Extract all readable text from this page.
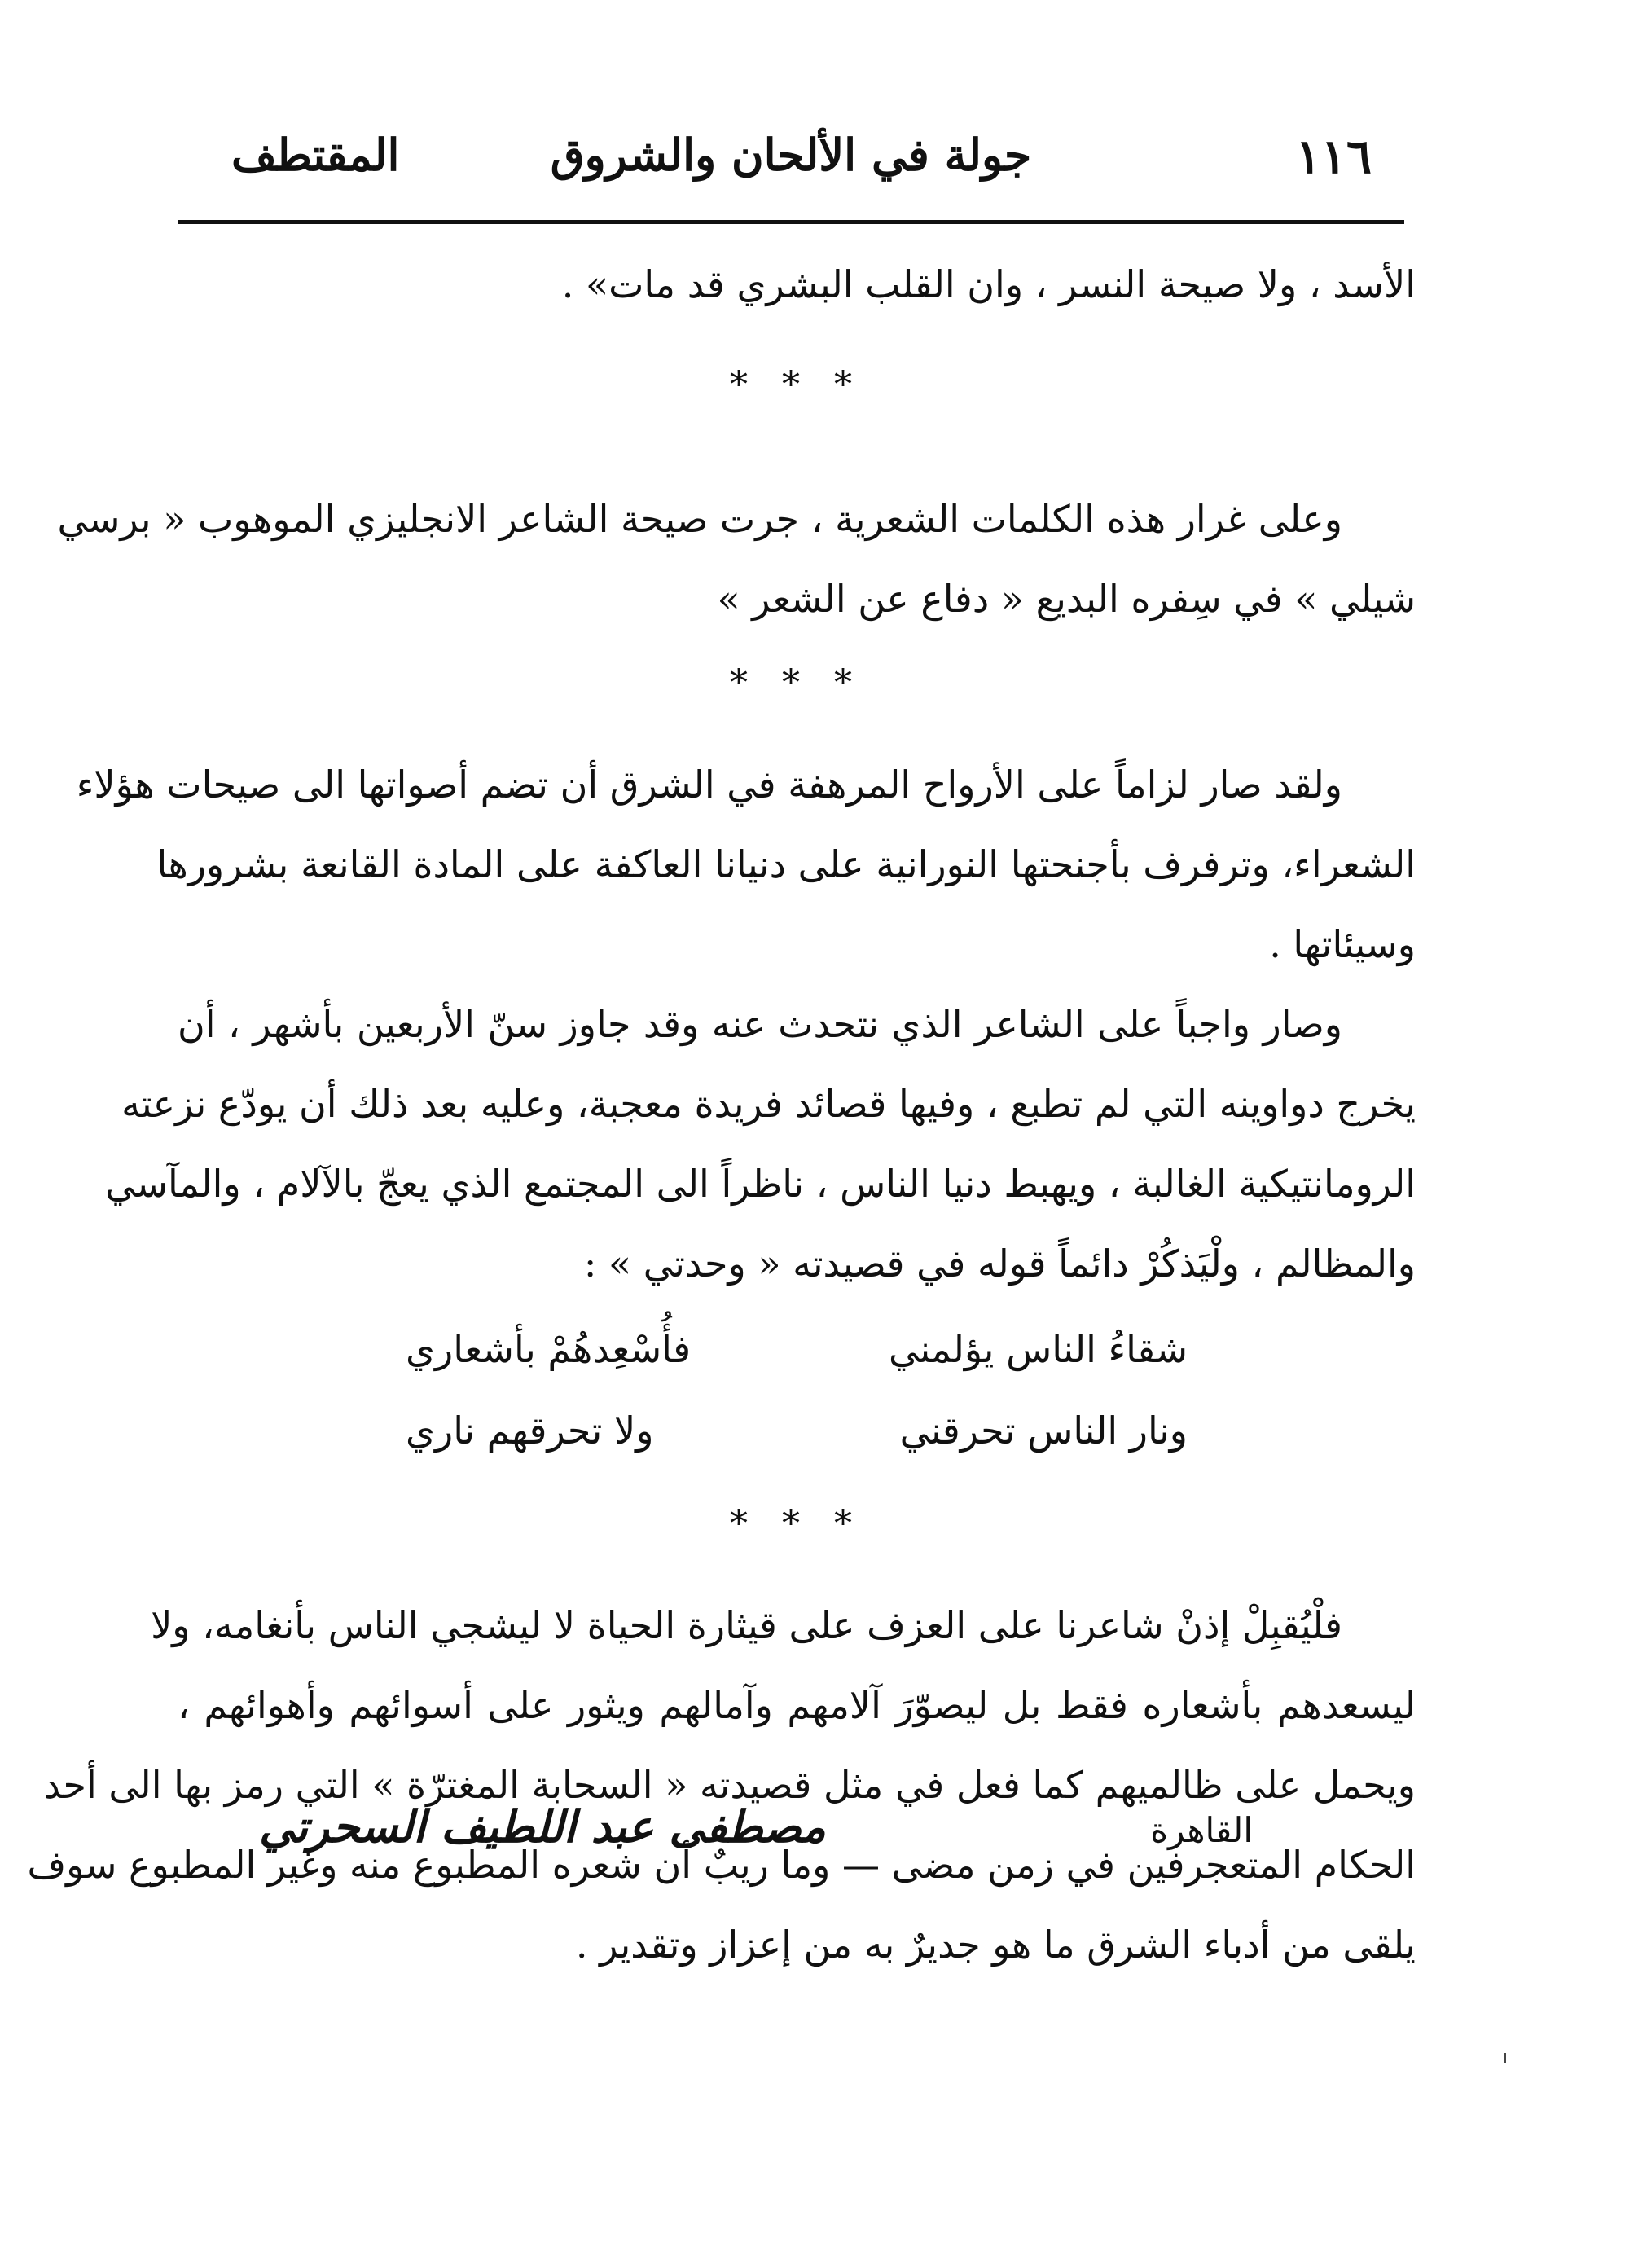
١١٦
جولة في الألحان والشروق
المقتطف
الأسد ، ولا صيحة النسر ، وان القلب البشري قد مات» .
* * *
وعلى غرار هذه الكلمات الشعرية ، جرت صيحة الشاعر الانجليزي الموهوب « برسي
شيلي » في سِفره البديع « دفاع عن الشعر »
* * *
ولقد صار لزاماً على الأرواح المرهفة في الشرق أن تضم أصواتها الى صيحات هؤلاء
الشعراء، وترفرف بأجنحتها النورانية على دنيانا العاكفة على المادة القانعة بشرورها
وسيئاتها .
وصار واجباً على الشاعر الذي نتحدث عنه وقد جاوز سنّ الأربعين بأشهر ، أن
يخرج دواوينه التي لم تطبع ، وفيها قصائد فريدة معجبة، وعليه بعد ذلك أن يودّع نزعته
الرومانتيكية الغالبة ، ويهبط دنيا الناس ، ناظراً الى المجتمع الذي يعجّ بالآلام ، والمآسي
والمظالم ، ولْيَذكُرْ دائماً قوله في قصيدته « وحدتي » :
شقاءُ الناس يؤلمني
فأُسْعِدهُمْ بأشعاري
ونار الناس تحرقني
ولا تحرقهم ناري
* * *
فلْيُقبِلْ إذنْ شاعرنا على العزف على قيثارة الحياة لا ليشجي الناس بأنغامه، ولا
ليسعدهم بأشعاره فقط بل ليصوّرَ آلامهم وآمالهم ويثور على أسوائهم وأهوائهم ،
ويحمل على ظالميهم كما فعل في مثل قصيدته « السحابة المغترّة » التي رمز بها الى أحد
الحكام المتعجرفين في زمن مضى — وما ريبٌ أن شعره المطبوع منه وغير المطبوع سوف
يلقى من أدباء الشرق ما هو جديرٌ به من إعزاز وتقدير .
القاهرة
مصطفى عبد اللطيف السحرتي
